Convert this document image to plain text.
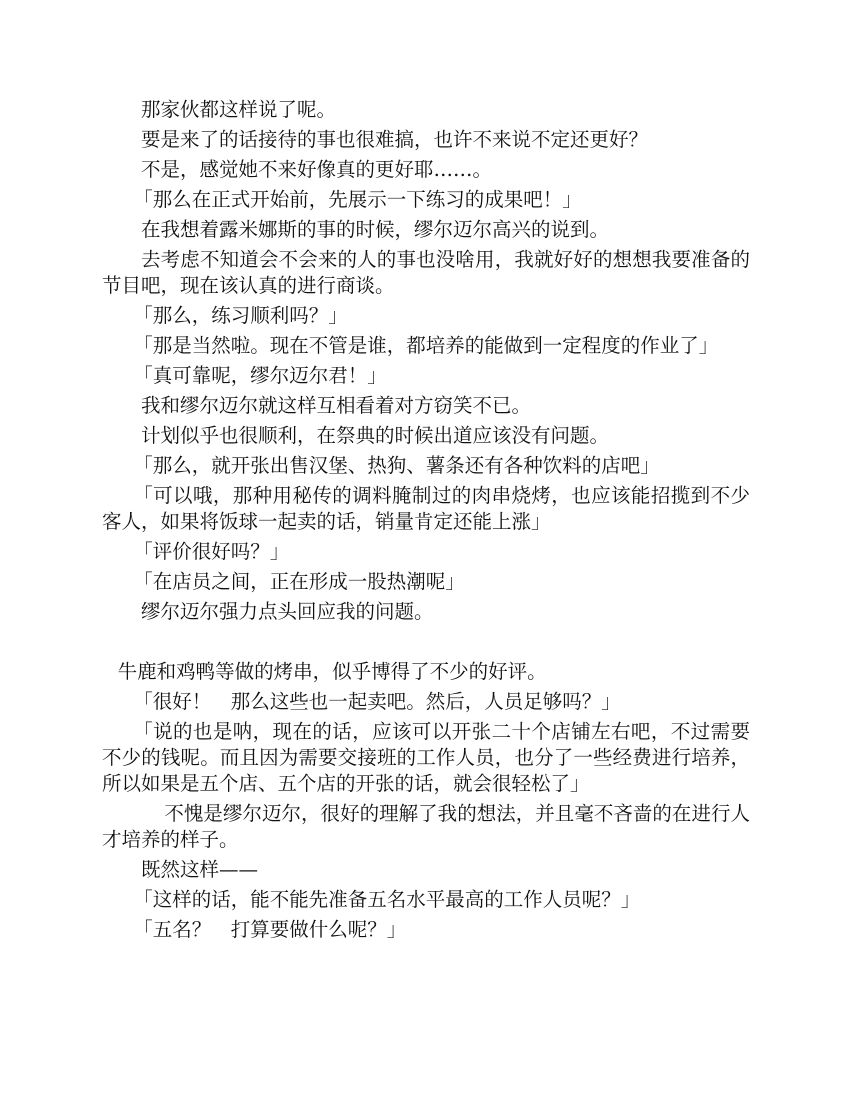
那家伙都这样说了呢。

要是来了的话接待的事也很难搞，也许不来说不定还更好？

不是，感觉她不来好像真的更好耶……。

「那么在正式开始前，先展示一下练习的成果吧！」

在我想着露米娜斯的事的时候，缪尔迈尔高兴的说到。

去考虑不知道会不会来的人的事也没啥用，我就好好的想想我要准备的节目吧，现在该认真的进行商谈。

「那么，练习顺利吗？」

「那是当然啦。现在不管是谁，都培养的能做到一定程度的作业了」

「真可靠呢，缪尔迈尔君！」

我和缪尔迈尔就这样互相看着对方窃笑不已。

计划似乎也很顺利，在祭典的时候出道应该没有问题。

「那么，就开张出售汉堡、热狗、薯条还有各种饮料的店吧」

「可以哦，那种用秘传的调料腌制过的肉串烧烤，也应该能招揽到不少客人，如果将饭球一起卖的话，销量肯定还能上涨」

「评价很好吗？」

「在店员之间，正在形成一股热潮呢」

缪尔迈尔强力点头回应我的问题。

牛鹿和鸡鸭等做的烤串，似乎博得了不少的好评。

「很好！　那么这些也一起卖吧。然后，人员足够吗？」

「说的也是呐，现在的话，应该可以开张二十个店铺左右吧，不过需要不少的钱呢。而且因为需要交接班的工作人员，也分了一些经费进行培养，所以如果是五个店、五个店的开张的话，就会很轻松了」

不愧是缪尔迈尔，很好的理解了我的想法，并且毫不吝啬的在进行人才培养的样子。

既然这样——

「这样的话，能不能先准备五名水平最高的工作人员呢？」

「五名？　打算要做什么呢？」
